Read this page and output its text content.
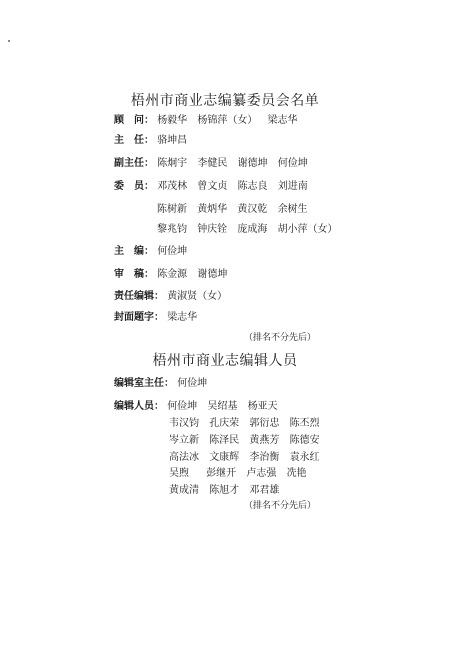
梧州市商业志编纂委员会名单
顾　问： 杨毅华 杨锦萍（女） 梁志华
主　任： 骆坤昌
副主任： 陈炯宇 李健民 谢德坤 何俭坤
委　员： 邓茂林 曾文贞 陈志良 刘进南
陈树新 黄炳华 黄汉乾 余树生
黎兆钧 钟庆铨 庞成海 胡小萍（女）
主　编： 何俭坤
审　稿： 陈金源 谢德坤
责任编辑： 黄淑贤（女）
封面题字： 梁志华
（排名不分先后）
梧州市商业志编辑人员
编辑室主任： 何俭坤
编辑人员： 何俭坤 吴绍基 杨亚天
韦汉钧 孔庆荣 郭衍忠 陈丕烈
岑立新 陈泽民 黄燕芳 陈德安
高法冰 文康辉 李治衡 袁永红
吴煦 彭继开 卢志强 冼艳
黄成清 陈旭才 邓君雄
（排名不分先后）
